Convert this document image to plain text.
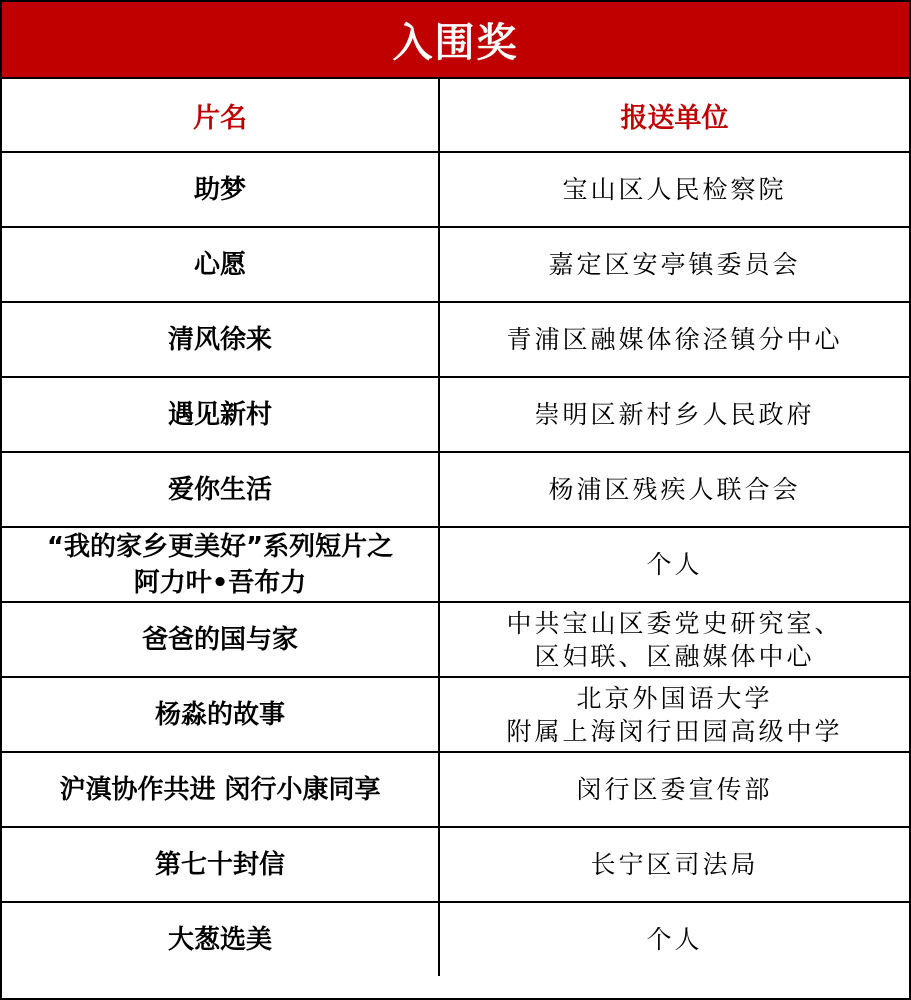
入围奖
片名	报送单位

助梦	宝山区人民检察院

心愿	嘉定区安亭镇委员会

清风徐来	青浦区融媒体徐泾镇分中心

遇见新村	崇明区新村乡人民政府

爱你生活	杨浦区残疾人联合会

“我的家乡更美好”系列短片之
阿力叶•吾布力	个人

爸爸的国与家	中共宝山区委党史研究室、
区妇联、区融媒体中心

杨淼的故事	北京外国语大学
附属上海闵行田园高级中学

沪滇协作共进 闵行小康同享	闵行区委宣传部

第七十封信	长宁区司法局

大葱选美	个人
